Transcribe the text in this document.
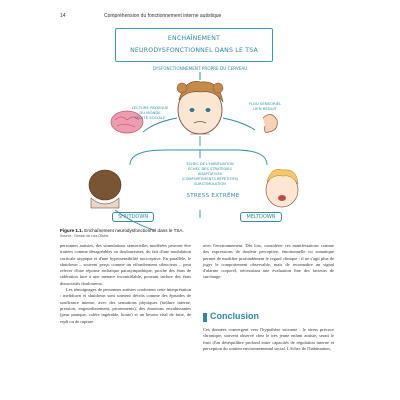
14	Compréhension du fonctionnement interne autistique
ENCHAÎNEMENT
NEURODYSFONCTIONNEL DANS LE TSA
DYSFONCTIONNEMENT PROPRE DU CERVEAU
LECTURE PAYSIQUE
DU MONDE
CÉCITÉ SOCIALE
FLOU SENSORIEL
LIEN RÉDUIT
ÉCHEC DE L'HABITUATION
ÉCHEC DES STRATÉGIES
ADAPTATIVES
(COMPORTEMENTS RÉPÉTITIFS)
SURSTIMULATION
STRESS EXTRÊME
SHUTDOWN	MELTDOWN
Figure 1.1. Enchaînement neurodysfonctionnel dans le TSA.
Source : Dessin de Léa Olivier.

personnes autistes, des stimulations sensorielles modérées peuvent être traitées comme désagréables ou douloureuses, du fait d'une modulation corticale atypique et d'une hypersensibilité nociceptive. En parallèle, le shutdown – souvent perçu comme un effondrement silencieux – peut relever d'une réponse archaïque parasympathique, proche des états de sidération face à une menace incontrôlable, pouvant inclure des états dissociatifs douloureux.

Les témoignages de personnes autistes confortent cette interprétation : meltdown et shutdown sont souvent décrits comme des épisodes de souffrance intense, avec des sensations physiques (brûlure interne, pression, engourdissement, picotements), des émotions envahissantes (peur panique, colère ingérable, honte) et un besoin vital de fuite, de repli ou de rupture

avec l'environnement. Dès lors, considérer ces manifestations comme des expressions de douleur perceptive, émotionnelle ou somatique permet de modifier profondément le regard clinique : il ne s'agit plus de juger le comportement observable, mais de reconnaître un signal d'alarme corporel, nécessitant une évaluation fine des facteurs de surcharge.

Conclusion

Ces données convergent vers l'hypothèse suivante : le stress précoce chronique, souvent observé chez le très jeune enfant autiste, serait le fruit d'un déséquilibre profond entre capacités de régulation interne et perception du soutien environnemental social. L'échec de l'habituation,
